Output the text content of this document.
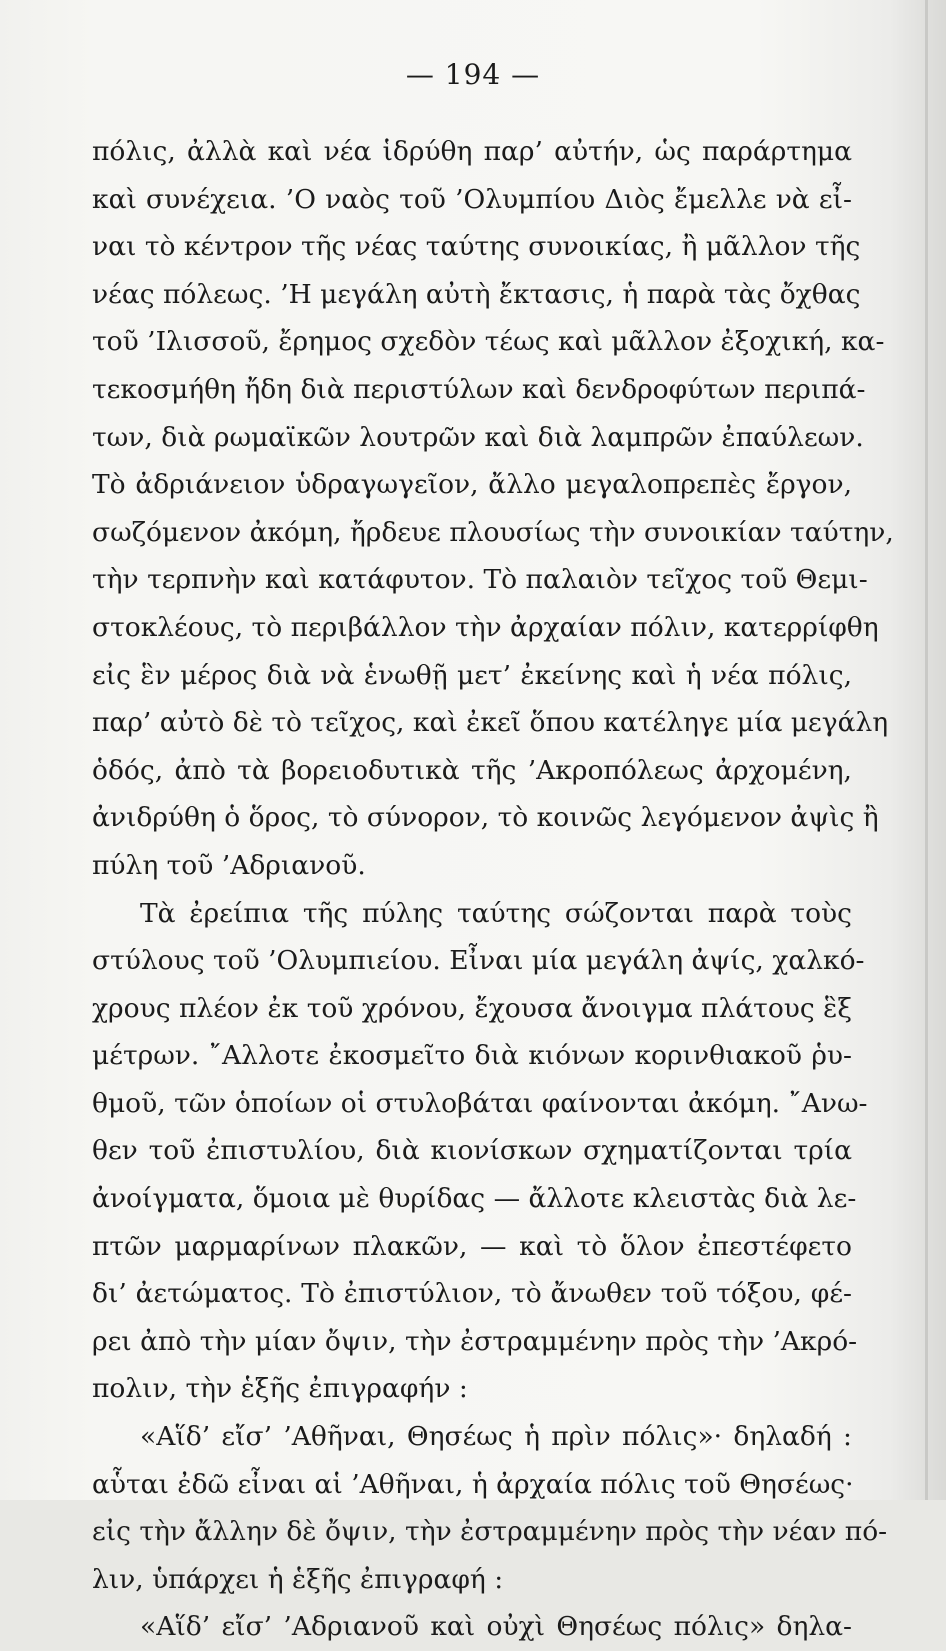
— 194 —
πόλις, ἀλλὰ καὶ νέα ἱδρύθη παρ’ αὐτήν, ὡς παράρτημα
καὶ συνέχεια. ’Ο ναὸς τοῦ ’Ολυμπίου Διὸς ἔμελλε νὰ εἶ-
ναι τὸ κέντρον τῆς νέας ταύτης συνοικίας, ἢ μᾶλλον τῆς
νέας πόλεως. ’Η μεγάλη αὐτὴ ἔκτασις, ἡ παρὰ τὰς ὄχθας
τοῦ ’Ιλισσοῦ, ἔρημος σχεδὸν τέως καὶ μᾶλλον ἐξοχική, κα-
τεκοσμήθη ἤδη διὰ περιστύλων καὶ δενδροφύτων περιπά-
των, διὰ ρωμαϊκῶν λουτρῶν καὶ διὰ λαμπρῶν ἐπαύλεων.
Τὸ ἀδριάνειον ὑδραγωγεῖον, ἄλλο μεγαλοπρεπὲς ἔργον,
σωζόμενον ἀκόμη, ἤρδευε πλουσίως τὴν συνοικίαν ταύτην,
τὴν τερπνὴν καὶ κατάφυτον. Τὸ παλαιὸν τεῖχος τοῦ Θεμι-
στοκλέους, τὸ περιβάλλον τὴν ἀρχαίαν πόλιν, κατερρίφθη
εἰς ἓν μέρος διὰ νὰ ἑνωθῇ μετ’ ἐκείνης καὶ ἡ νέα πόλις,
παρ’ αὐτὸ δὲ τὸ τεῖχος, καὶ ἐκεῖ ὅπου κατέληγε μία μεγάλη
ὁδός, ἀπὸ τὰ βορειοδυτικὰ τῆς ’Ακροπόλεως ἀρχομένη,
ἀνιδρύθη ὁ ὅρος, τὸ σύνορον, τὸ κοινῶς λεγόμενον ἀψὶς ἢ
πύλη τοῦ ’Αδριανοῦ.
Τὰ ἐρείπια τῆς πύλης ταύτης σώζονται παρὰ τοὺς
στύλους τοῦ ’Ολυμπιείου. Εἶναι μία μεγάλη ἀψίς, χαλκό-
χρους πλέον ἐκ τοῦ χρόνου, ἔχουσα ἄνοιγμα πλάτους ἓξ
μέτρων. ῎Αλλοτε ἐκοσμεῖτο διὰ κιόνων κορινθιακοῦ ῥυ-
θμοῦ, τῶν ὁποίων οἱ στυλοβάται φαίνονται ἀκόμη. ῎Ανω-
θεν τοῦ ἐπιστυλίου, διὰ κιονίσκων σχηματίζονται τρία
ἀνοίγματα, ὅμοια μὲ θυρίδας — ἄλλοτε κλειστὰς διὰ λε-
πτῶν μαρμαρίνων πλακῶν, — καὶ τὸ ὅλον ἐπεστέφετο
δι’ ἀετώματος. Τὸ ἐπιστύλιον, τὸ ἄνωθεν τοῦ τόξου, φέ-
ρει ἀπὸ τὴν μίαν ὄψιν, τὴν ἐστραμμένην πρὸς τὴν ’Ακρό-
πολιν, τὴν ἑξῆς ἐπιγραφήν :
«Αἵδ’ εἴσ’ ’Αθῆναι, Θησέως ἡ πρὶν πόλις»· δηλαδή :
αὗται ἐδῶ εἶναι αἱ ’Αθῆναι, ἡ ἀρχαία πόλις τοῦ Θησέως·
εἰς τὴν ἄλλην δὲ ὄψιν, τὴν ἐστραμμένην πρὸς τὴν νέαν πό-
λιν, ὑπάρχει ἡ ἑξῆς ἐπιγραφή :
«Αἵδ’ εἴσ’ ’Αδριανοῦ καὶ οὐχὶ Θησέως πόλις» δηλα-
